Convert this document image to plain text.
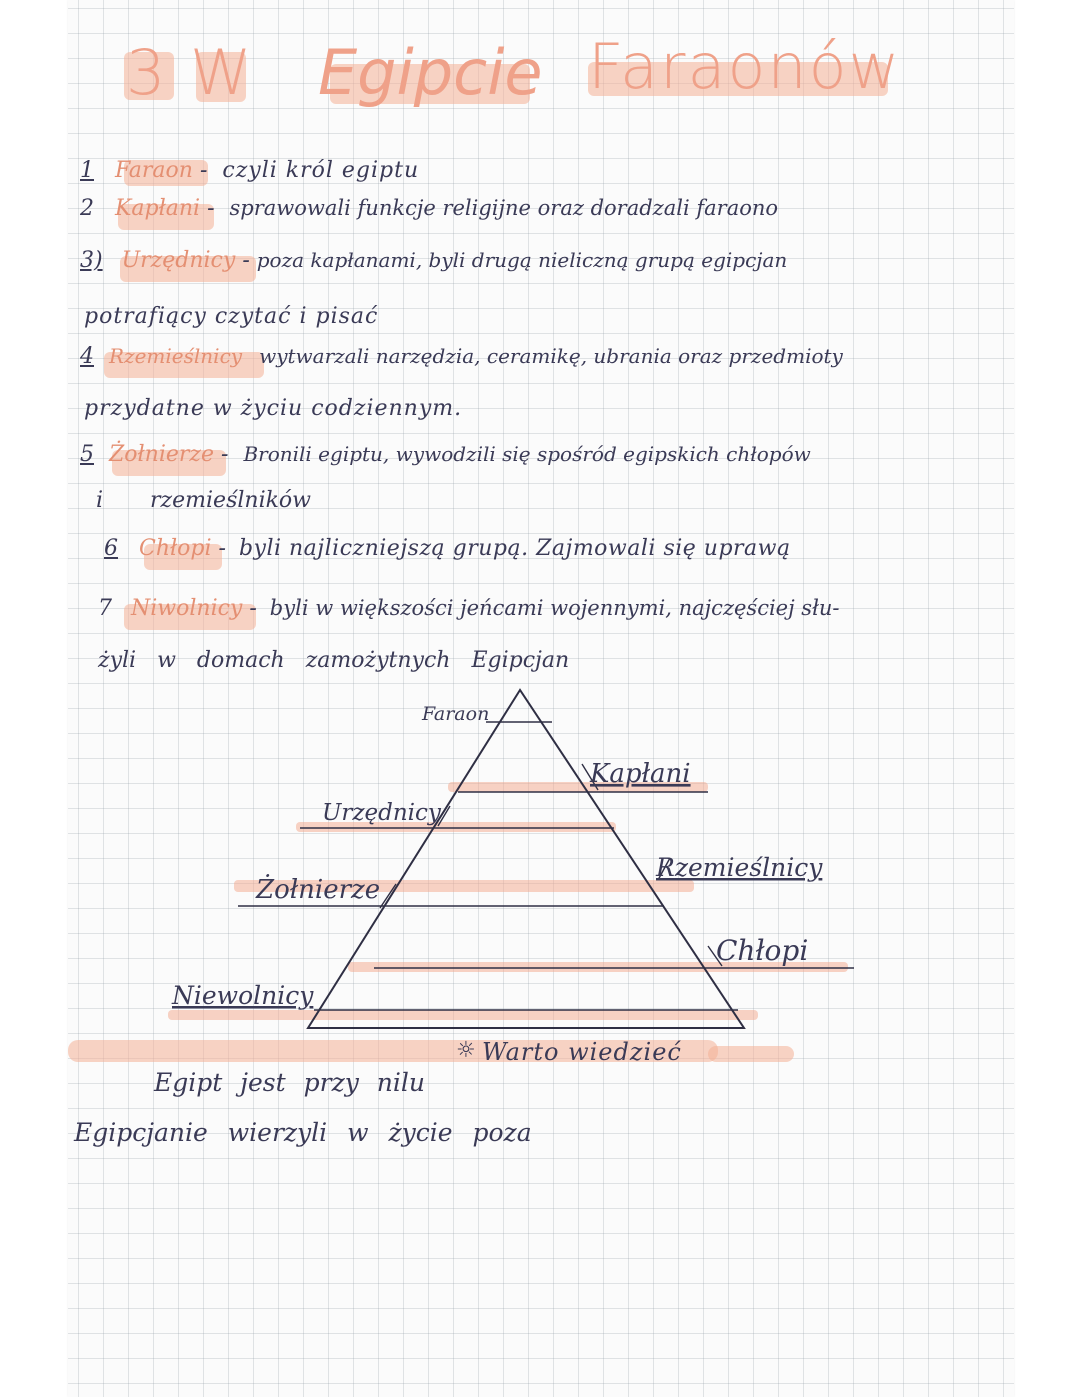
3 W Egipcie Faraonów
1 Faraon - czyli król egiptu
2 Kapłani - sprawowali funkcje religijne oraz doradzali faraono
3) Urzędnicy - poza kapłanami, byli drugą nieliczną grupą egipcjan
potrafiący czytać i pisać
4 Rzemieślnicy wytwarzali narzędzia, ceramikę, ubrania oraz przedmioty
przydatne w życiu codziennym.
5 Żołnierze - Bronili egiptu, wywodzili się spośród egipskich chłopów
i rzemieślników
6 Chłopi - byli najliczniejszą grupą. Zajmowali się uprawą
7 Niwolnicy - byli w większości jeńcami wojennymi, najczęściej słu-
żyli w domach zamożytnych Egipcjan
Faraon
Kapłani
Urzędnicy
Rzemieślnicy
Żołnierze
Chłopi
Niewolnicy
☼ Warto wiedzieć
Egipt jest przy nilu
Egipcjanie wierzyli w życie poza
